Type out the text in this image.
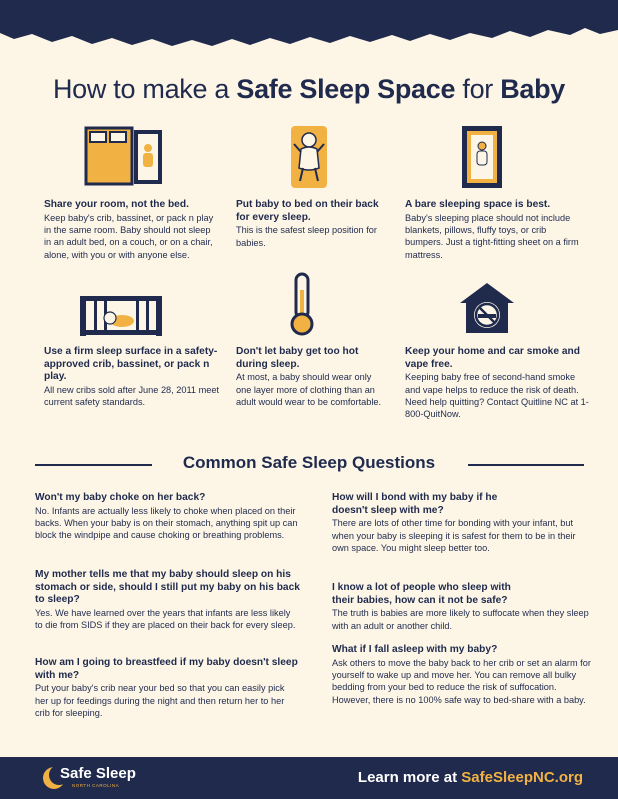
How to make a Safe Sleep Space for Baby
Share your room, not the bed.
Keep baby's crib, bassinet, or pack n play in the same room. Baby should not sleep in an adult bed, on a couch, or on a chair, alone, with you or with anyone else.
Put baby to bed on their back for every sleep.
This is the safest sleep position for babies.
A bare sleeping space is best.
Baby's sleeping place should not include blankets, pillows, fluffy toys, or crib bumpers. Just a tight-fitting sheet on a firm mattress.
Use a firm sleep surface in a safety-approved crib, bassinet, or pack n play.
All new cribs sold after June 28, 2011 meet current safety standards.
Don't let baby get too hot during sleep.
At most, a baby should wear only one layer more of clothing than an adult would wear to be comfortable.
Keep your home and car smoke and vape free.
Keeping baby free of second-hand smoke and vape helps to reduce the risk of death. Need help quitting? Contact Quitline NC at 1-800-QuitNow.
Common Safe Sleep Questions
Won't my baby choke on her back?
No. Infants are actually less likely to choke when placed on their backs. When your baby is on their stomach, anything spit up can block the windpipe and cause choking or breathing problems.
My mother tells me that my baby should sleep on his stomach or side, should I still put my baby on his back to sleep?
Yes. We have learned over the years that infants are less likely to die from SIDS if they are placed on their back for every sleep.
How am I going to breastfeed if my baby doesn't sleep with me?
Put your baby's crib near your bed so that you can easily pick her up for feedings during the night and then return her to her crib for sleeping.
How will I bond with my baby if he doesn't sleep with me?
There are lots of other time for bonding with your infant, but when your baby is sleeping it is safest for them to be in their own space. You might sleep better too.
I know a lot of people who sleep with their babies, how can it not be safe?
The truth is babies are more likely to suffocate when they sleep with an adult or another child.
What if I fall asleep with my baby?
Ask others to move the baby back to her crib or set an alarm for yourself to wake up and move her. You can remove all bulky bedding from your bed to reduce the risk of suffocation. However, there is no 100% safe way to bed-share with a baby.
Safe Sleep
NORTH CAROLINA	Learn more at SafeSleepNC.org
